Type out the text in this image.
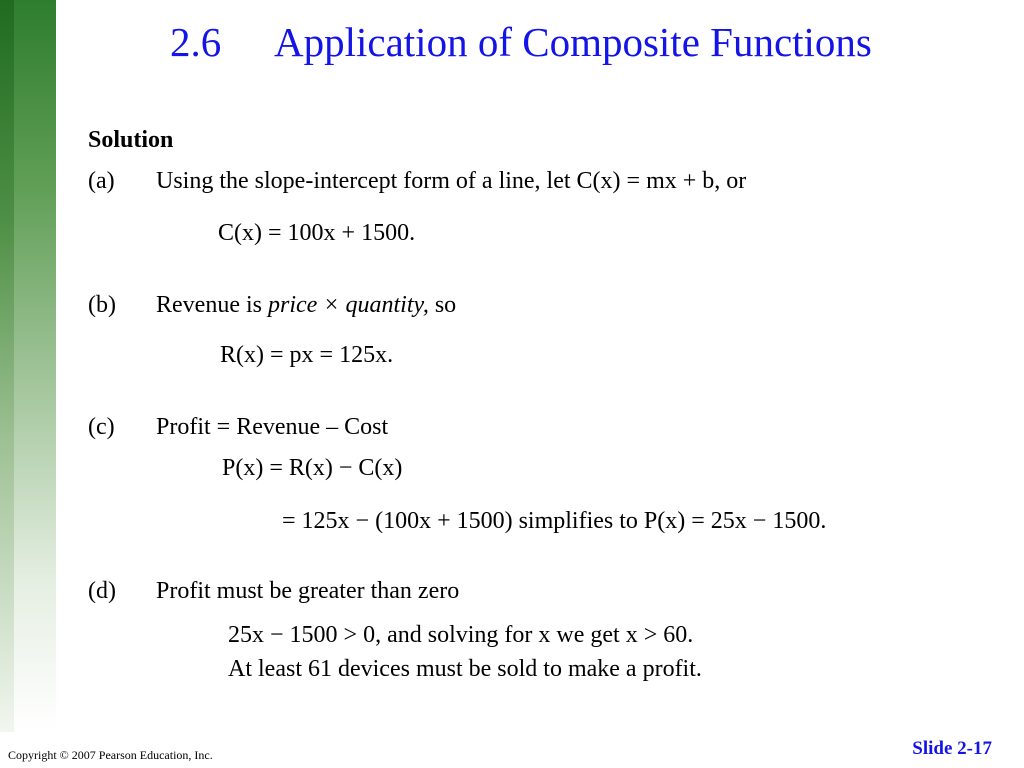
2.6 Application of Composite Functions
Solution
(a) Using the slope-intercept form of a line, let C(x) = mx + b, or
C(x) = 100x + 1500.
(b) Revenue is price × quantity, so
R(x) = px = 125x.
(c) Profit = Revenue – Cost
P(x) = R(x) − C(x)
= 125x − (100x + 1500) simplifies to P(x) = 25x − 1500.
(d) Profit must be greater than zero
25x − 1500 > 0, and solving for x we get x > 60.
At least 61 devices must be sold to make a profit.
Copyright © 2007 Pearson Education, Inc.	Slide 2-17
